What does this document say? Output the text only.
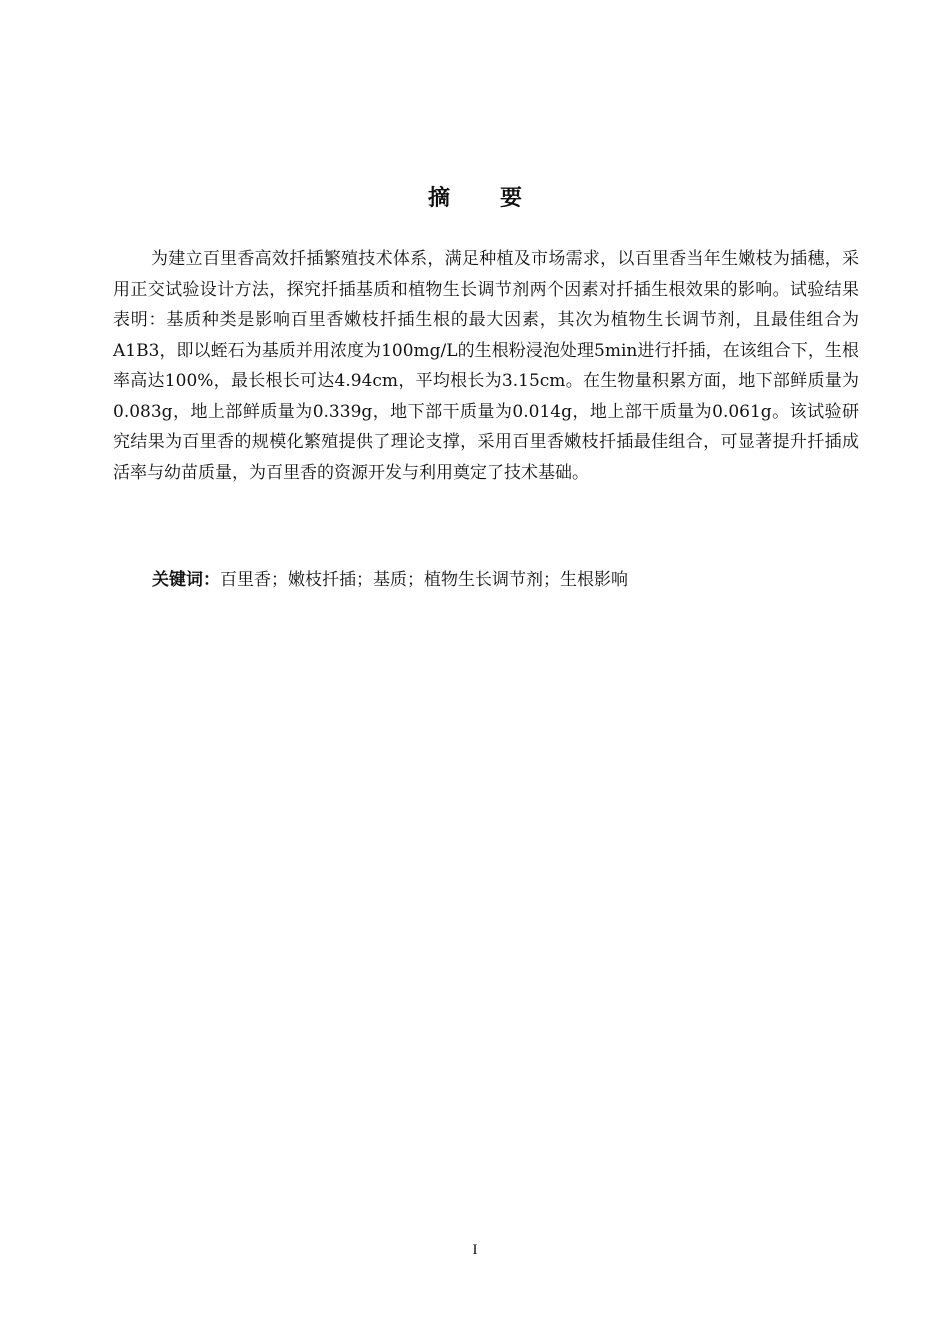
摘 要

为建立百里香高效扦插繁殖技术体系，满足种植及市场需求，以百里香当年生嫩枝为插穗，采用正交试验设计方法，探究扦插基质和植物生长调节剂两个因素对扦插生根效果的影响。试验结果表明：基质种类是影响百里香嫩枝扦插生根的最大因素，其次为植物生长调节剂，且最佳组合为A1B3，即以蛭石为基质并用浓度为100mg/L的生根粉浸泡处理5min进行扦插，在该组合下，生根率高达100%，最长根长可达4.94cm，平均根长为3.15cm。在生物量积累方面，地下部鲜质量为0.083g，地上部鲜质量为0.339g，地下部干质量为0.014g，地上部干质量为0.061g。该试验研究结果为百里香的规模化繁殖提供了理论支撑，采用百里香嫩枝扦插最佳组合，可显著提升扦插成活率与幼苗质量，为百里香的资源开发与利用奠定了技术基础。

关键词：百里香；嫩枝扦插；基质；植物生长调节剂；生根影响

I
